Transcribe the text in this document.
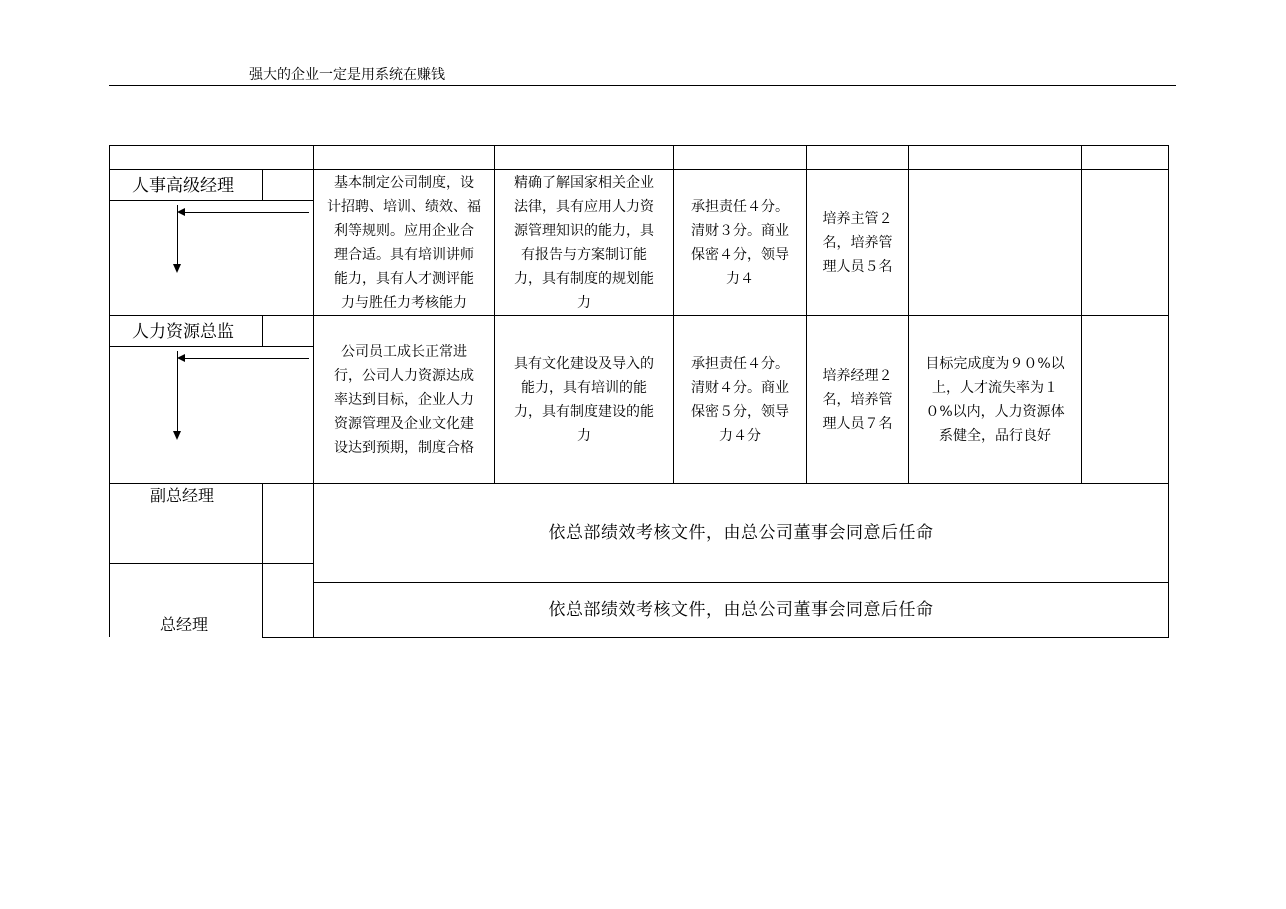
强大的企业一定是用系统在赚钱
人事高级经理	基本制定公司制度，设
计招聘、培训、绩效、福
利等规则。应用企业合
理合适。具有培训讲师
能力，具有人才测评能
力与胜任力考核能力
精确了解国家相关企业
法律，具有应用人力资
源管理知识的能力，具
有报告与方案制订能
力，具有制度的规划能
力
承担责任４分。
清财３分。商业
保密４分，领导
力４
培养主管２
名，培养管
理人员５名
人力资源总监
公司员工成长正常进
行，公司人力资源达成
率达到目标，企业人力
资源管理及企业文化建
设达到预期，制度合格
具有文化建设及导入的
能力，具有培训的能
力，具有制度建设的能
力
承担责任４分。
清财４分。商业
保密５分，领导
力４分
培养经理２
名，培养管
理人员７名
目标完成度为９０%以
上，人才流失率为１
０%以内，人力资源体
系健全，品行良好
副总经理
依总部绩效考核文件，由总公司董事会同意后任命
总经理
依总部绩效考核文件，由总公司董事会同意后任命
